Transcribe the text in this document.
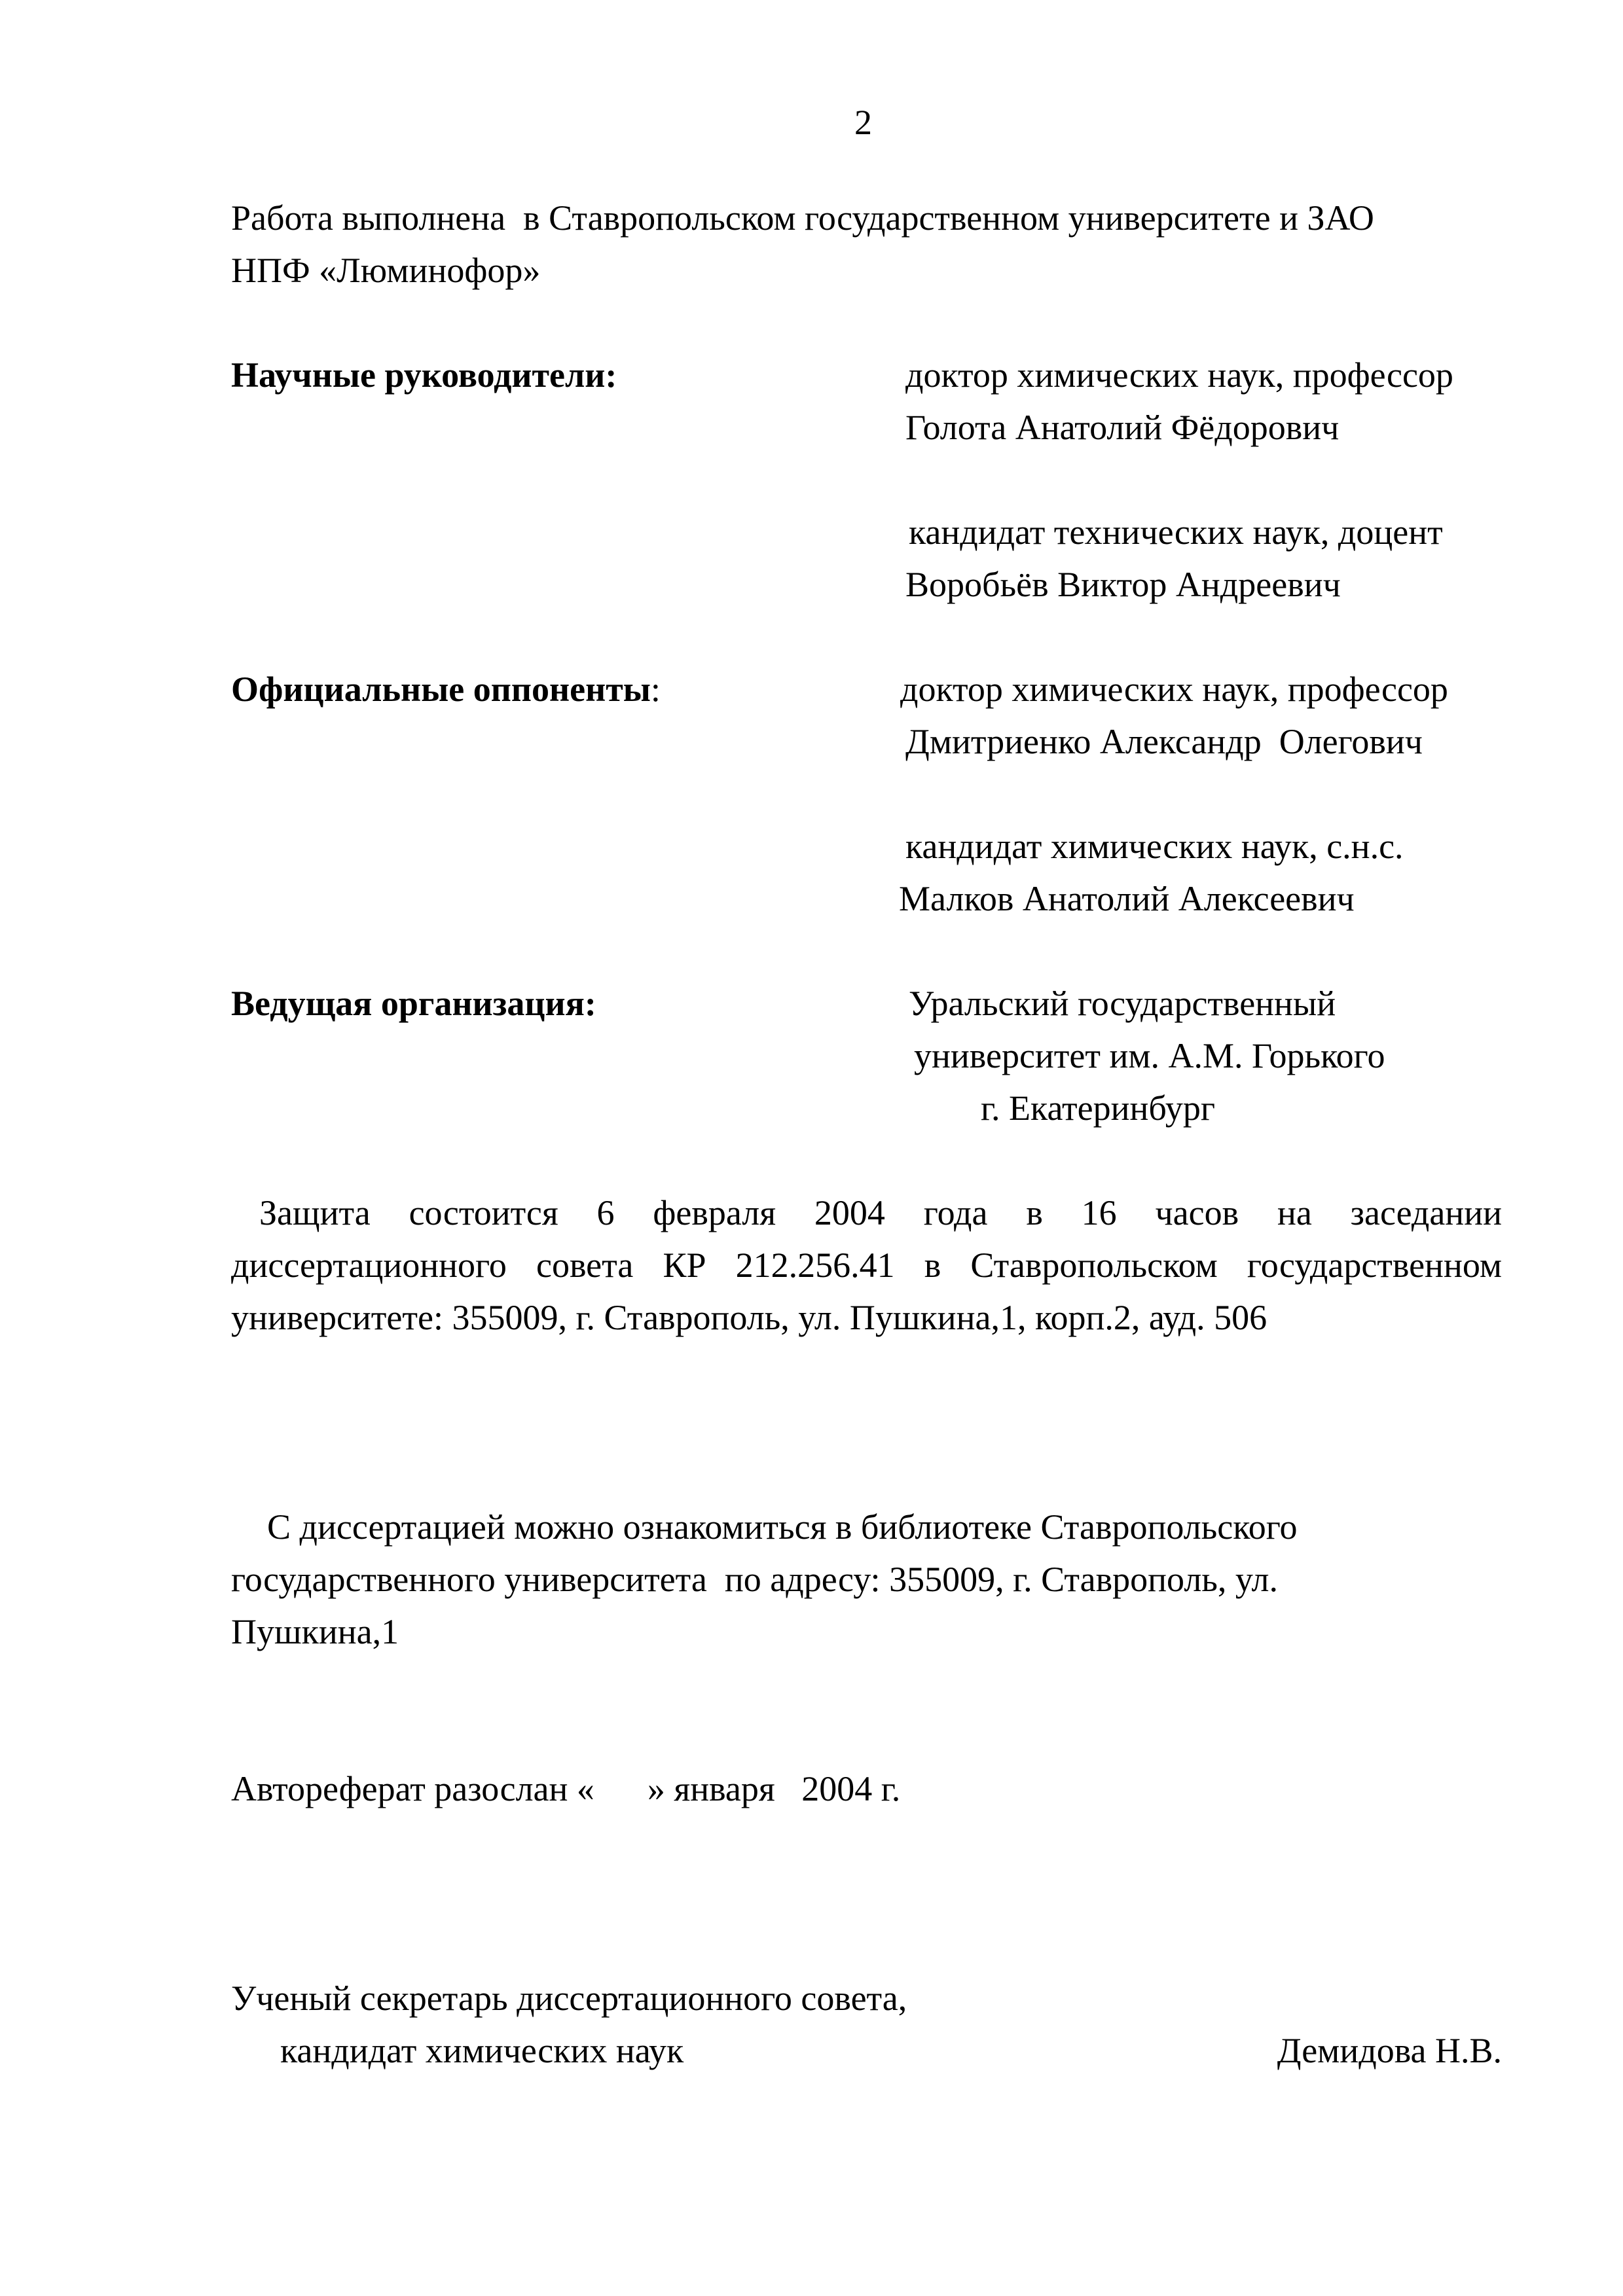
2
Работа выполнена  в Ставропольском государственном университете и ЗАО
НПФ «Люминофор»
Научные руководители:	доктор химических наук, профессор
Голота Анатолий Фёдорович
кандидат технических наук, доцент
Воробьёв Виктор Андреевич
Официальные оппоненты:	доктор химических наук, профессор
Дмитриенко Александр  Олегович
кандидат химических наук, с.н.с.
Малков Анатолий Алексеевич
Ведущая организация:	Уральский государственный
университет им. А.М. Горького
г. Екатеринбург
Защита состоится 6 февраля 2004 года в 16 часов на заседании
диссертационного совета КР 212.256.41 в Ставропольском государственном
университете: 355009, г. Ставрополь, ул. Пушкина,1, корп.2, ауд. 506
С диссертацией можно ознакомиться в библиотеке Ставропольского
государственного университета  по адресу: 355009, г. Ставрополь, ул.
Пушкина,1
Автореферат разослан «      » января   2004 г.
Ученый секретарь диссертационного совета,
кандидат химических наук	Демидова Н.В.
